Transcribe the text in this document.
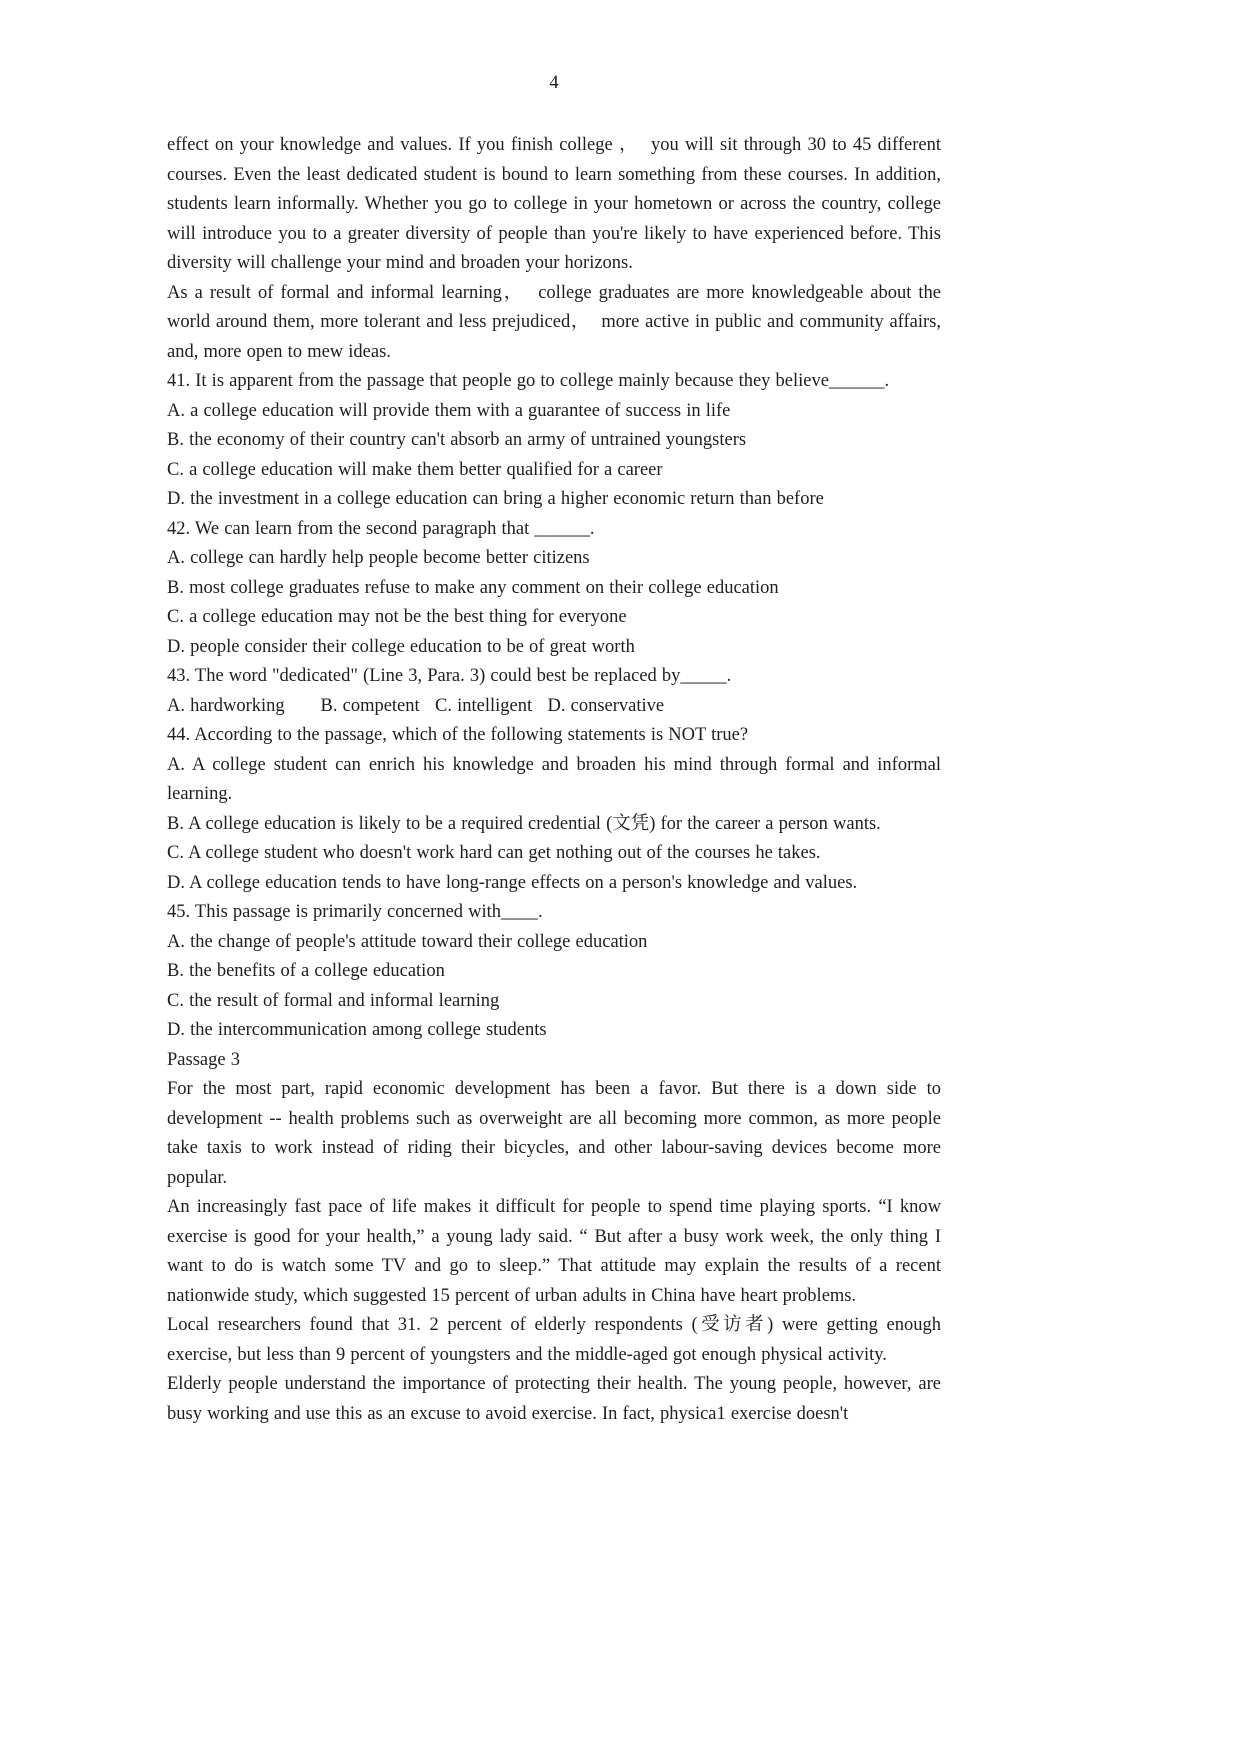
4

effect on your knowledge and values. If you finish college ，  you will sit through 30 to 45 different courses. Even the least dedicated student is bound to learn something from these courses. In addition, students learn informally. Whether you go to college in your hometown or across the country, college will introduce you to a greater diversity of people than you're likely to have experienced before. This diversity will challenge your mind and broaden your horizons.

As a result of formal and informal learning，  college graduates are more knowledgeable about the world around them, more tolerant and less prejudiced，  more active in public and community affairs, and, more open to mew ideas.

41. It is apparent from the passage that people go to college mainly because they believe______.

A. a college education will provide them with a guarantee of success in life

B. the economy of their country can't absorb an army of untrained youngsters

C. a college education will make them better qualified for a career

D. the investment in a college education can bring a higher economic return than before

42. We can learn from the second paragraph that ______.

A. college can hardly help people become better citizens

B. most college graduates refuse to make any comment on their college education

C. a college education may not be the best thing for everyone

D. people consider their college education to be of great worth

43. The word "dedicated" (Line 3, Para. 3) could best be replaced by_____.

A. hardworking       B. competent   C. intelligent   D. conservative

44. According to the passage, which of the following statements is NOT true?

A. A college student can enrich his knowledge and broaden his mind through formal and informal learning.

B. A college education is likely to be a required credential (文凭) for the career a person wants.

C. A college student who doesn't work hard can get nothing out of the courses he takes.

D. A college education tends to have long-range effects on a person's knowledge and values.

45. This passage is primarily concerned with____.

A. the change of people's attitude toward their college education

B. the benefits of a college education

C. the result of formal and informal learning

D. the intercommunication among college students

Passage 3

For the most part, rapid economic development has been a favor. But there is a down side to development -- health problems such as overweight are all becoming more common, as more people take taxis to work instead of riding their bicycles, and other labour-saving devices become more popular.

An increasingly fast pace of life makes it difficult for people to spend time playing sports. “I know exercise is good for your health,” a young lady said. “ But after a busy work week, the only thing I want to do is watch some TV and go to sleep.” That attitude may explain the results of a recent nationwide study, which suggested 15 percent of urban adults in China have heart problems.

Local researchers found that 31. 2 percent of elderly respondents (受访者) were getting enough exercise, but less than 9 percent of youngsters and the middle-aged got enough physical activity.

Elderly people understand the importance of protecting their health. The young people, however, are busy working and use this as an excuse to avoid exercise. In fact, physica1 exercise doesn't
